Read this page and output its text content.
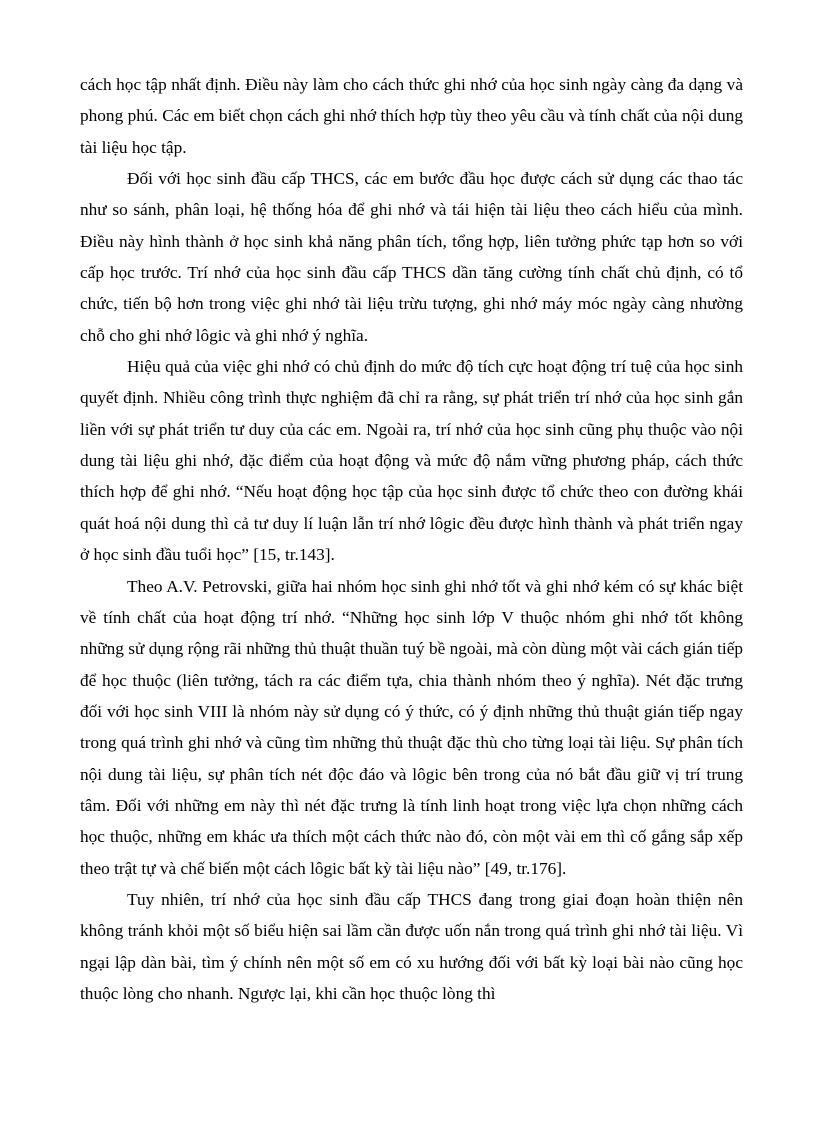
cách học tập nhất định. Điều này làm cho cách thức ghi nhớ của học sinh ngày càng đa dạng và phong phú. Các em biết chọn cách ghi nhớ thích hợp tùy theo yêu cầu và tính chất của nội dung tài liệu học tập.

Đối với học sinh đầu cấp THCS, các em bước đầu học được cách sử dụng các thao tác như so sánh, phân loại, hệ thống hóa để ghi nhớ và tái hiện tài liệu theo cách hiểu của mình. Điều này hình thành ở học sinh khả năng phân tích, tổng hợp, liên tưởng phức tạp hơn so với cấp học trước. Trí nhớ của học sinh đầu cấp THCS dần tăng cường tính chất chủ định, có tổ chức, tiến bộ hơn trong việc ghi nhớ tài liệu trừu tượng, ghi nhớ máy móc ngày càng nhường chỗ cho ghi nhớ lôgic và ghi nhớ ý nghĩa.

Hiệu quả của việc ghi nhớ có chủ định do mức độ tích cực hoạt động trí tuệ của học sinh quyết định. Nhiều công trình thực nghiệm đã chỉ ra rằng, sự phát triển trí nhớ của học sinh gắn liền với sự phát triển tư duy của các em. Ngoài ra, trí nhớ của học sinh cũng phụ thuộc vào nội dung tài liệu ghi nhớ, đặc điểm của hoạt động và mức độ nắm vững phương pháp, cách thức thích hợp để ghi nhớ. “Nếu hoạt động học tập của học sinh được tổ chức theo con đường khái quát hoá nội dung thì cả tư duy lí luận lẫn trí nhớ lôgic đều được hình thành và phát triển ngay ở học sinh đầu tuổi học” [15, tr.143].

Theo A.V. Petrovski, giữa hai nhóm học sinh ghi nhớ tốt và ghi nhớ kém có sự khác biệt về tính chất của hoạt động trí nhớ. “Những học sinh lớp V thuộc nhóm ghi nhớ tốt không những sử dụng rộng rãi những thủ thuật thuần tuý bề ngoài, mà còn dùng một vài cách gián tiếp để học thuộc (liên tưởng, tách ra các điểm tựa, chia thành nhóm theo ý nghĩa). Nét đặc trưng đối với học sinh VIII là nhóm này sử dụng có ý thức, có ý định những thủ thuật gián tiếp ngay trong quá trình ghi nhớ và cũng tìm những thủ thuật đặc thù cho từng loại tài liệu. Sự phân tích nội dung tài liệu, sự phân tích nét độc đáo và lôgic bên trong của nó bắt đầu giữ vị trí trung tâm. Đối với những em này thì nét đặc trưng là tính linh hoạt trong việc lựa chọn những cách học thuộc, những em khác ưa thích một cách thức nào đó, còn một vài em thì cố gắng sắp xếp theo trật tự và chế biến một cách lôgic bất kỳ tài liệu nào” [49, tr.176].

Tuy nhiên, trí nhớ của học sinh đầu cấp THCS đang trong giai đoạn hoàn thiện nên không tránh khỏi một số biểu hiện sai lầm cần được uốn nắn trong quá trình ghi nhớ tài liệu. Vì ngại lập dàn bài, tìm ý chính nên một số em có xu hướng đối với bất kỳ loại bài nào cũng học thuộc lòng cho nhanh. Ngược lại, khi cần học thuộc lòng thì
